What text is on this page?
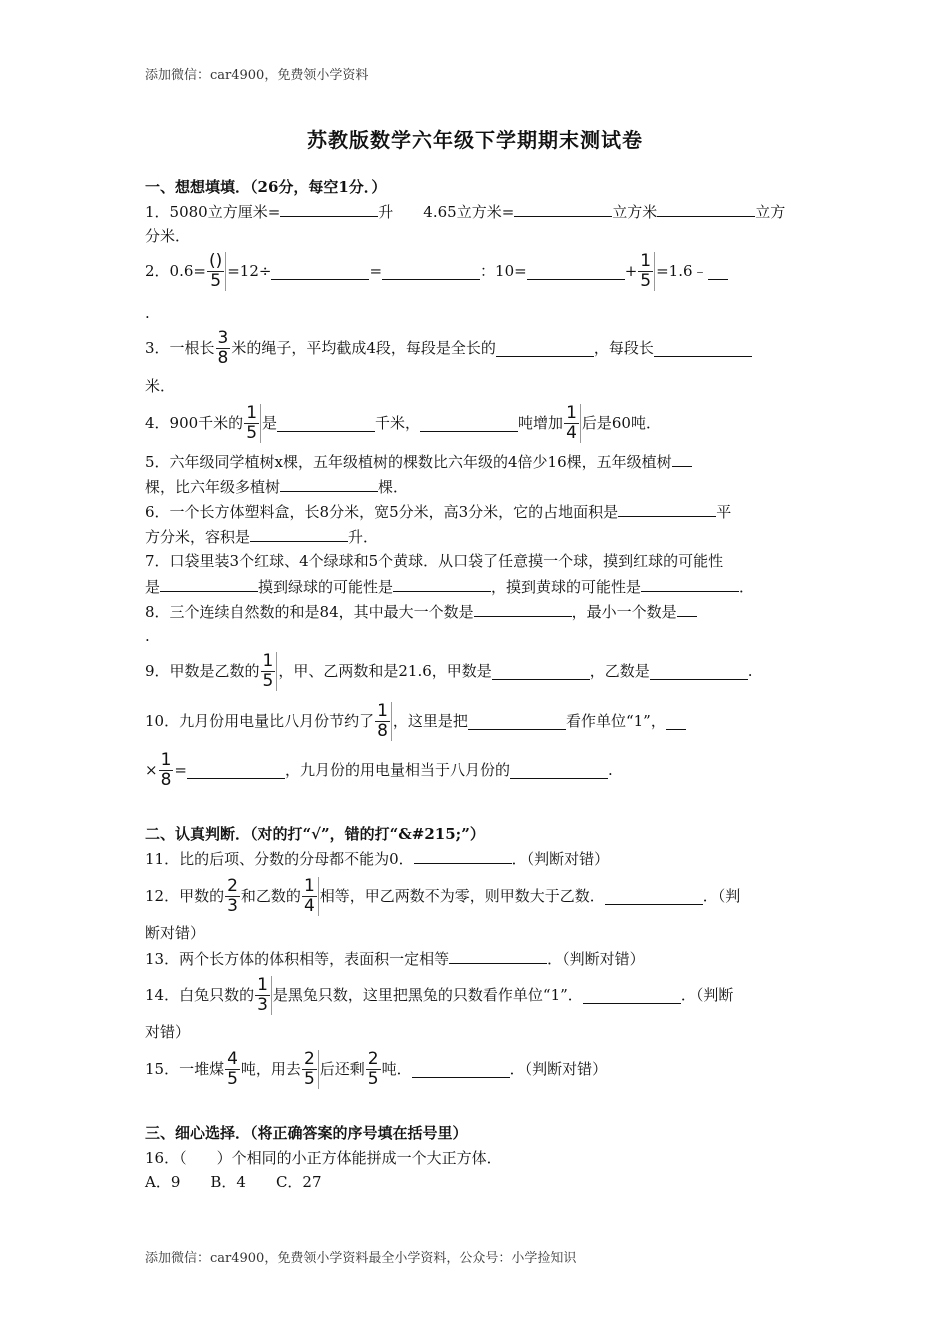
添加微信：car4900，免费领小学资料
苏教版数学六年级下学期期末测试卷
一、想想填填．（26分，每空1分．）
1．5080立方厘米=	升　　4.65立方米=	立方米	立方
分米．
2．0.6=
()
5 =12÷	=	：10=	+
1
5 =1.6﹣
.
3．一根长
3
8 米的绳子，平均截成4段，每段是全长的	，每段长
米．
4．900千米的
1
5 是	千米，	吨增加
1
4 后是60吨．
5．六年级同学植树x棵，五年级植树的棵数比六年级的4倍少16棵，五年级植树
棵，比六年级多植树	棵．
6．一个长方体塑料盒，长8分米，宽5分米，高3分米，它的占地面积是	平
方分米，容积是	升．
7．口袋里装3个红球、4个绿球和5个黄球．从口袋了任意摸一个球，摸到红球的可能性
是	摸到绿球的可能性是	，摸到黄球的可能性是	．
8．三个连续自然数的和是84，其中最大一个数是	，最小一个数是
.
9．甲数是乙数的
1
5 ，甲、乙两数和是21.6，甲数是	，乙数是	.
10．九月份用电量比八月份节约了
1
8 ，这里是把	看作单位“1”，
×
1
8 =	，九月份的用电量相当于八月份的	.
二、认真判断．（对的打“√”，错的打“&#215;”）
11．比的后项、分数的分母都不能为0．	．（判断对错）
12．甲数的
2
3 和乙数的
1
4 相等，甲乙两数不为零，则甲数大于乙数．	．（判
断对错）
13．两个长方体的体积相等，表面积一定相等	．（判断对错）
14．白兔只数的
1
3 是黑兔只数，这里把黑兔的只数看作单位“1”．	．（判断
对错）
15．一堆煤
4
5 吨，用去
2
5 后还剩
2
5 吨．	．（判断对错）
三、细心选择．（将正确答案的序号填在括号里）
16．（　　）个相同的小正方体能拼成一个大正方体．
A．9　　B．4　　C．27
添加微信：car4900，免费领小学资料最全小学资料，公众号：小学捡知识
